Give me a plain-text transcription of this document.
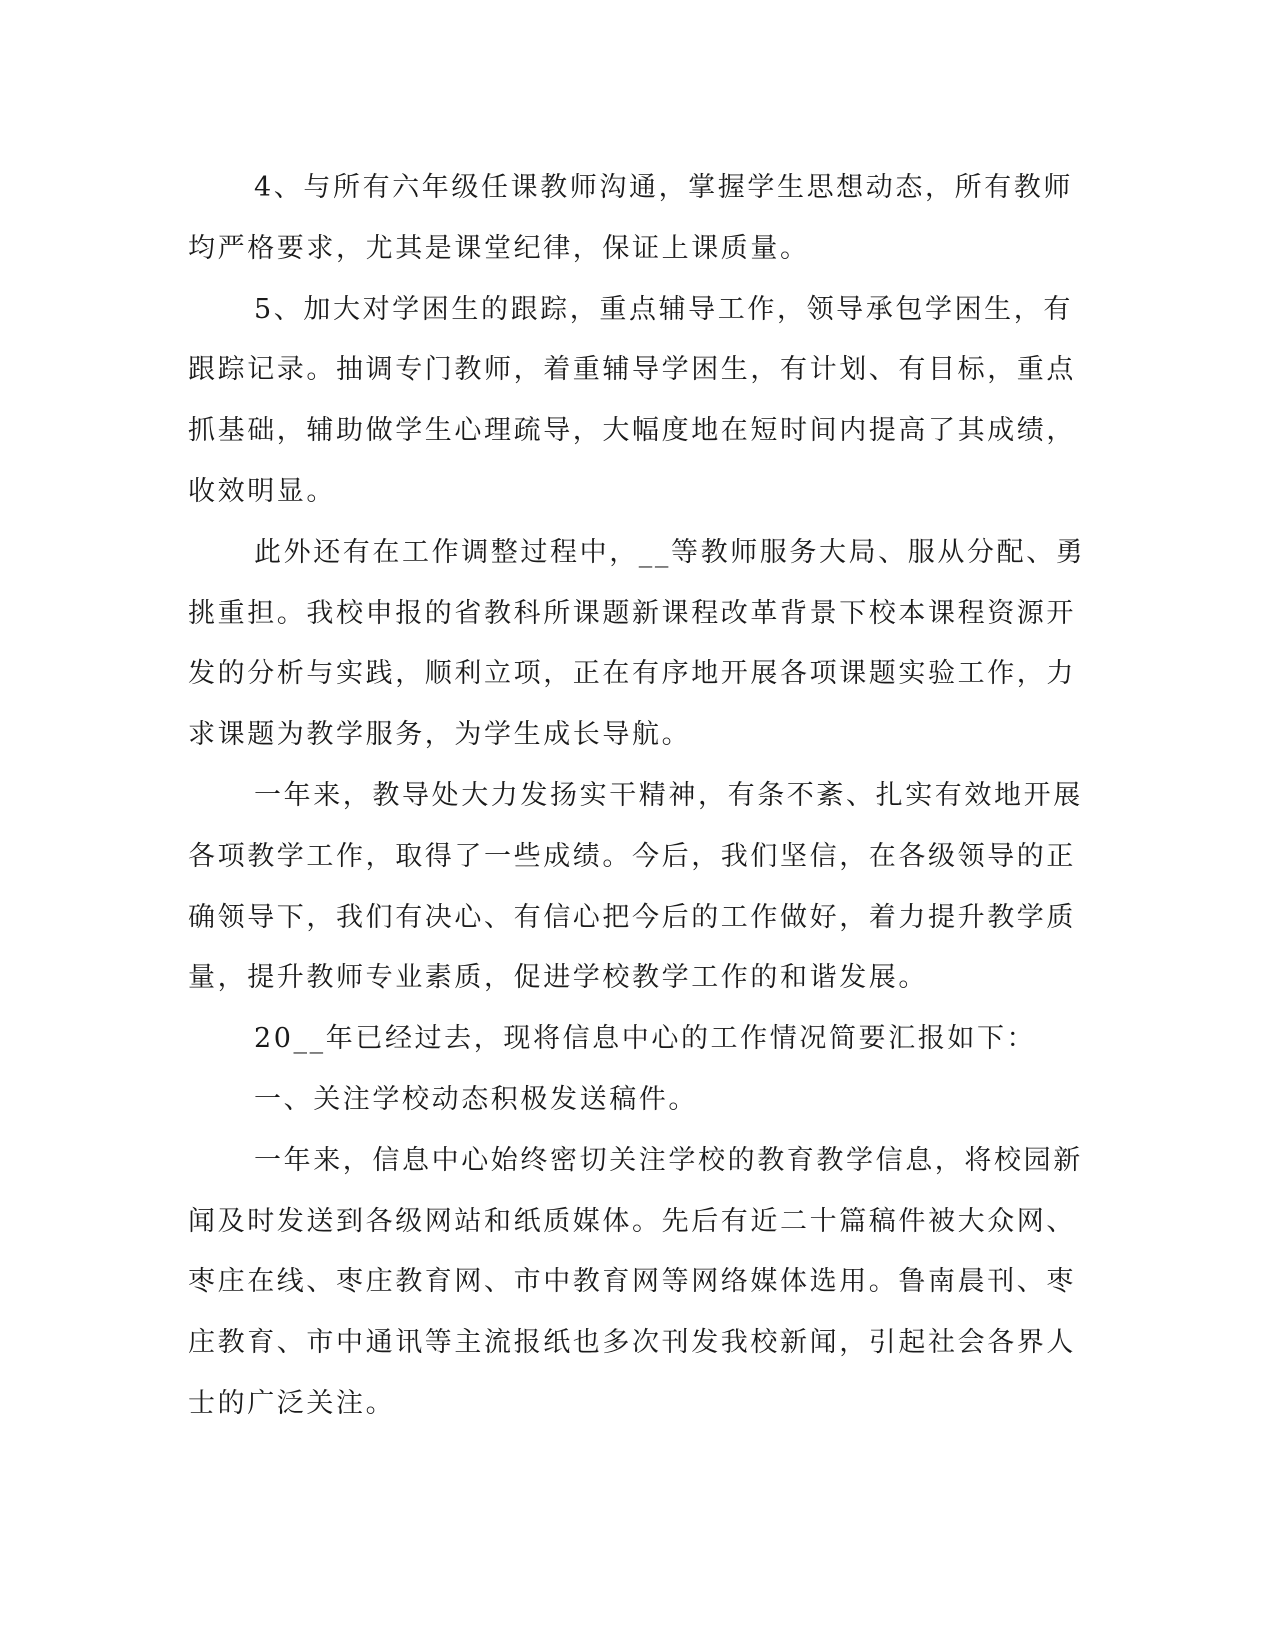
4、与所有六年级任课教师沟通，掌握学生思想动态，所有教师
均严格要求，尤其是课堂纪律，保证上课质量。
5、加大对学困生的跟踪，重点辅导工作，领导承包学困生，有
跟踪记录。抽调专门教师，着重辅导学困生，有计划、有目标，重点
抓基础，辅助做学生心理疏导，大幅度地在短时间内提高了其成绩，
收效明显。
此外还有在工作调整过程中，__等教师服务大局、服从分配、勇
挑重担。我校申报的省教科所课题新课程改革背景下校本课程资源开
发的分析与实践，顺利立项，正在有序地开展各项课题实验工作，力
求课题为教学服务，为学生成长导航。
一年来，教导处大力发扬实干精神，有条不紊、扎实有效地开展
各项教学工作，取得了一些成绩。今后，我们坚信，在各级领导的正
确领导下，我们有决心、有信心把今后的工作做好，着力提升教学质
量，提升教师专业素质，促进学校教学工作的和谐发展。
20__年已经过去，现将信息中心的工作情况简要汇报如下：
一、关注学校动态积极发送稿件。
一年来，信息中心始终密切关注学校的教育教学信息，将校园新
闻及时发送到各级网站和纸质媒体。先后有近二十篇稿件被大众网、
枣庄在线、枣庄教育网、市中教育网等网络媒体选用。鲁南晨刊、枣
庄教育、市中通讯等主流报纸也多次刊发我校新闻，引起社会各界人
士的广泛关注。
